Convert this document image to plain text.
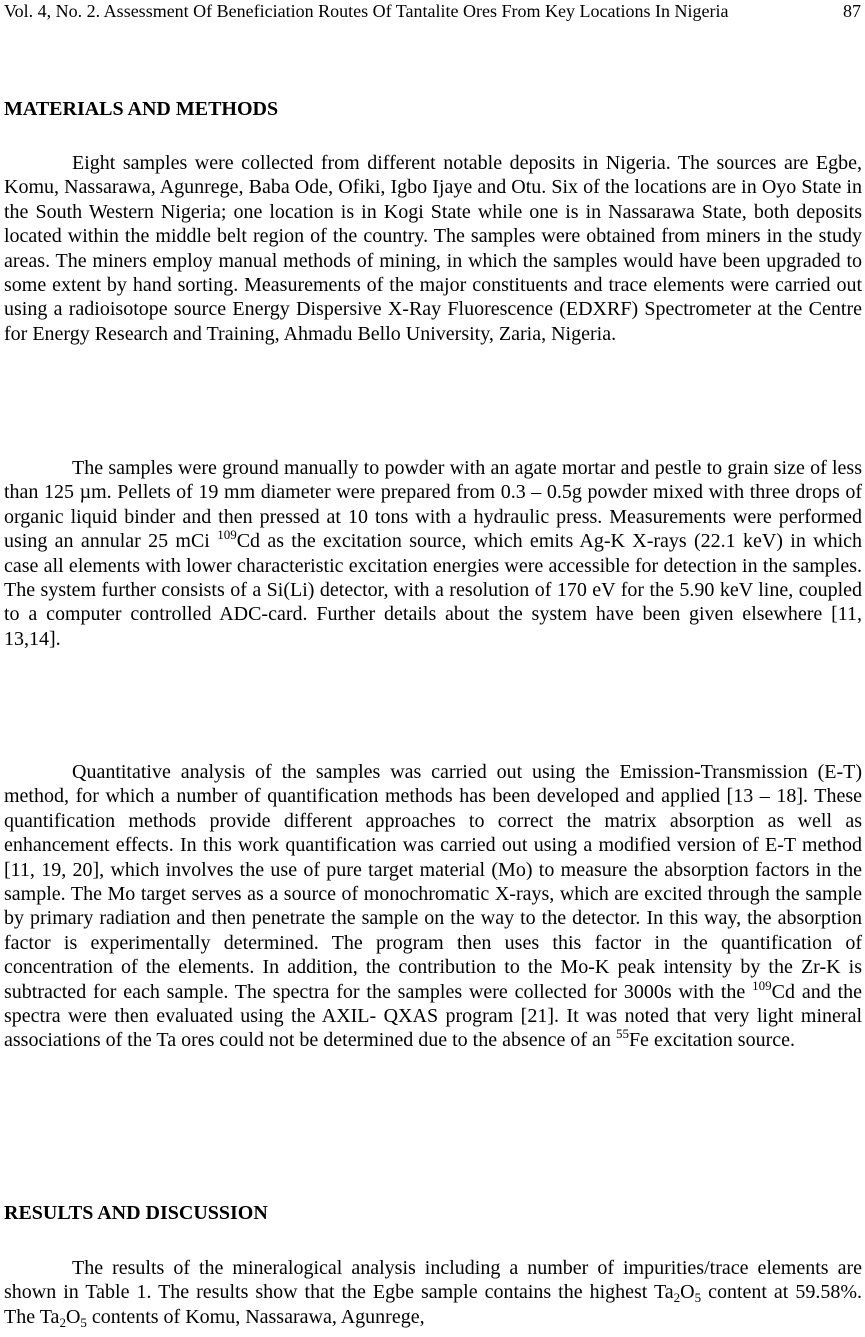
Vol. 4, No. 2. Assessment Of Beneficiation Routes Of Tantalite Ores From Key Locations In Nigeria	87
MATERIALS AND METHODS

Eight samples were collected from different notable deposits in Nigeria. The sources are Egbe, Komu, Nassarawa, Agunrege, Baba Ode, Ofiki, Igbo Ijaye and Otu. Six of the locations are in Oyo State in the South Western Nigeria; one location is in Kogi State while one is in Nassarawa State, both deposits located within the middle belt region of the country. The samples were obtained from miners in the study areas. The miners employ manual methods of mining, in which the samples would have been upgraded to some extent by hand sorting. Measurements of the major constituents and trace elements were carried out using a radioisotope source Energy Dispersive X-Ray Fluorescence (EDXRF) Spectrometer at the Centre for Energy Research and Training, Ahmadu Bello University, Zaria, Nigeria.

The samples were ground manually to powder with an agate mortar and pestle to grain size of less than 125 µm. Pellets of 19 mm diameter were prepared from 0.3 – 0.5g powder mixed with three drops of organic liquid binder and then pressed at 10 tons with a hydraulic press. Measurements were performed using an annular 25 mCi $^{109}$Cd as the excitation source, which emits Ag-K X-rays (22.1 keV) in which case all elements with lower characteristic excitation energies were accessible for detection in the samples. The system further consists of a Si(Li) detector, with a resolution of 170 eV for the 5.90 keV line, coupled to a computer controlled ADC-card. Further details about the system have been given elsewhere [11, 13,14].

Quantitative analysis of the samples was carried out using the Emission-Transmission (E-T) method, for which a number of quantification methods has been developed and applied [13 – 18]. These quantification methods provide different approaches to correct the matrix absorption as well as enhancement effects. In this work quantification was carried out using a modified version of E-T method [11, 19, 20], which involves the use of pure target material (Mo) to measure the absorption factors in the sample. The Mo target serves as a source of monochromatic X-rays, which are excited through the sample by primary radiation and then penetrate the sample on the way to the detector. In this way, the absorption factor is experimentally determined. The program then uses this factor in the quantification of concentration of the elements. In addition, the contribution to the Mo-K peak intensity by the Zr-K is subtracted for each sample. The spectra for the samples were collected for 3000s with the $^{109}$Cd and the spectra were then evaluated using the AXIL- QXAS program [21]. It was noted that very light mineral associations of the Ta ores could not be determined due to the absence of an $^{55}$Fe excitation source.

RESULTS AND DISCUSSION

The results of the mineralogical analysis including a number of impurities/trace elements are shown in Table 1. The results show that the Egbe sample contains the highest $Ta_2O_5$ content at 59.58%. The $Ta_2O_5$ contents of Komu, Nassarawa, Agunrege,
